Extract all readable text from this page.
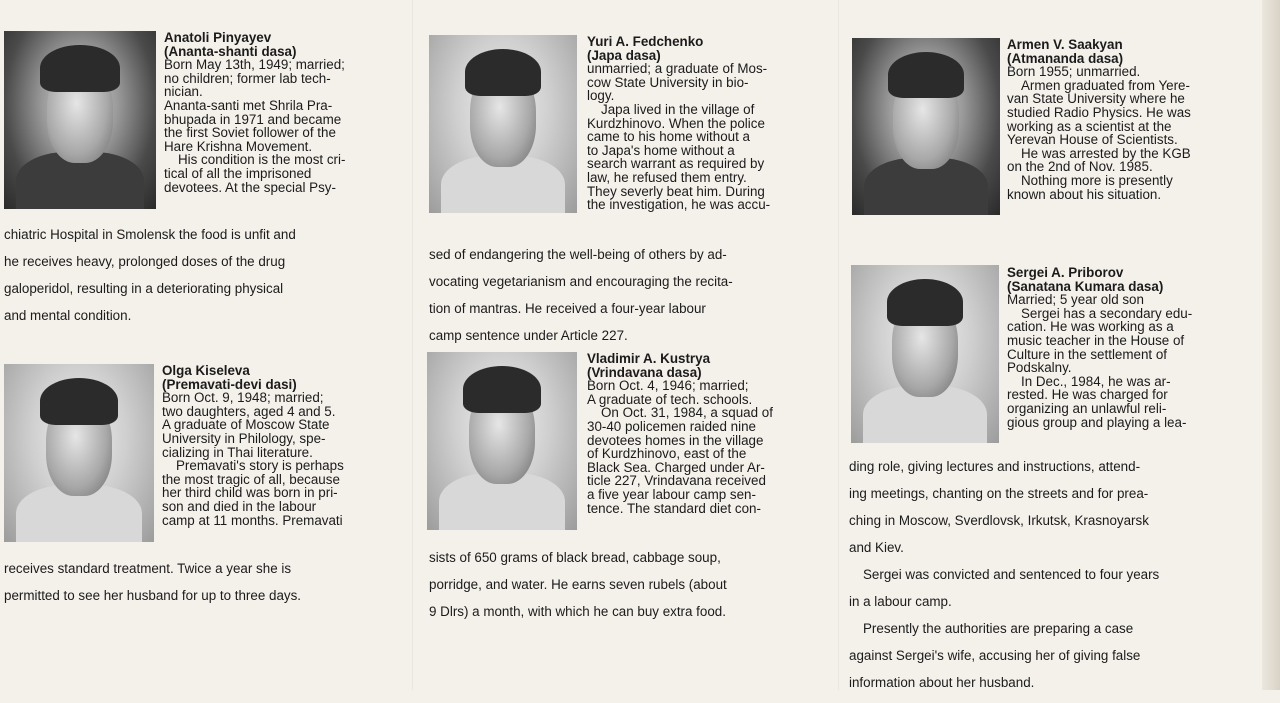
Anatoli Pinyayev
(Ananta-shanti dasa)

Born May 13th, 1949; married;

no children; former lab tech-

nician.

Ananta-santi met Shrila Pra-

bhupada in 1971 and became

the first Soviet follower of the

Hare Krishna Movement.

His condition is the most cri-

tical of all the imprisoned

devotees. At the special Psy-

chiatric Hospital in Smolensk the food is unfit and

he receives heavy, prolonged doses of the drug

galoperidol, resulting in a deteriorating physical

and mental condition.

Yuri A. Fedchenko
(Japa dasa)

unmarried; a graduate of Mos-

cow State University in bio-

logy.

Japa lived in the village of

Kurdzhinovo. When the police

came to his home without a

to Japa's home without a

search warrant as required by

law, he refused them entry.

They severly beat him. During

the investigation, he was accu-

sed of endangering the well-being of others by ad-

vocating vegetarianism and encouraging the recita-

tion of mantras. He received a four-year labour

camp sentence under Article 227.

Armen V. Saakyan
(Atmananda dasa)

Born 1955; unmarried.

Armen graduated from Yere-

van State University where he

studied Radio Physics. He was

working as a scientist at the

Yerevan House of Scientists.

He was arrested by the KGB

on the 2nd of Nov. 1985.

Nothing more is presently

known about his situation.

Olga Kiseleva
(Premavati-devi dasi)

Born Oct. 9, 1948; married;

two daughters, aged 4 and 5.

A graduate of Moscow State

University in Philology, spe-

cializing in Thai literature.

Premavati's story is perhaps

the most tragic of all, because

her third child was born in pri-

son and died in the labour

camp at 11 months. Premavati

receives standard treatment. Twice a year she is

permitted to see her husband for up to three days.

Vladimir A. Kustrya
(Vrindavana dasa)

Born Oct. 4, 1946; married;

A graduate of tech. schools.

On Oct. 31, 1984, a squad of

30-40 policemen raided nine

devotees homes in the village

of Kurdzhinovo, east of the

Black Sea. Charged under Ar-

ticle 227, Vrindavana received

a five year labour camp sen-

tence. The standard diet con-

sists of 650 grams of black bread, cabbage soup,

porridge, and water. He earns seven rubels (about

9 Dlrs) a month, with which he can buy extra food.

Sergei A. Priborov
(Sanatana Kumara dasa)

Married; 5 year old son

Sergei has a secondary edu-

cation. He was working as a

music teacher in the House of

Culture in the settlement of

Podskalny.

In Dec., 1984, he was ar-

rested. He was charged for

organizing an unlawful reli-

gious group and playing a lea-

ding role, giving lectures and instructions, attend-

ing meetings, chanting on the streets and for prea-

ching in Moscow, Sverdlovsk, Irkutsk, Krasnoyarsk

and Kiev.

Sergei was convicted and sentenced to four years

in a labour camp.

Presently the authorities are preparing a case

against Sergei's wife, accusing her of giving false

information about her husband.
